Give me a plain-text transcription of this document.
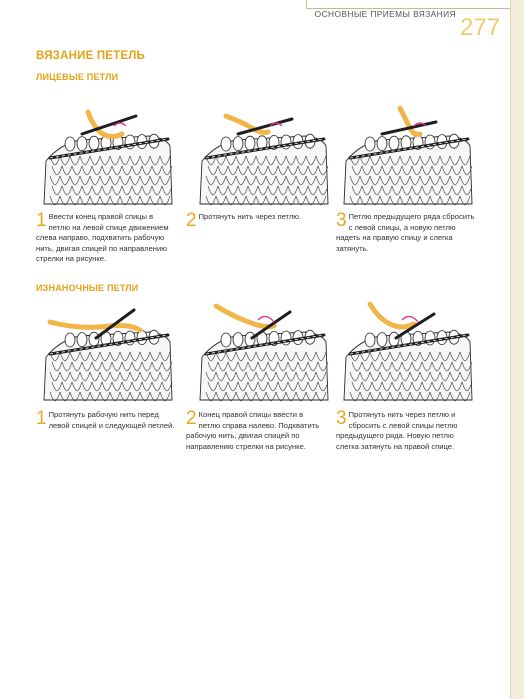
ОСНОВНЫЕ ПРИЕМЫ ВЯЗАНИЯ 277
ВЯЗАНИЕ ПЕТЕЛЬ
ЛИЦЕВЫЕ ПЕТЛИ
1 Ввести конец правой спицы в петлю на левой спице движением слева направо, подхватить рабочую нить, двигая спицей по направлению стрелки на рисунке.
2 Протянуть нить через петлю.	3 Петлю предыдущего ряда сбросить с левой спицы, а новую петлю надеть на правую спицу и слегка затянуть.
ИЗНАНОЧНЫЕ ПЕТЛИ
1 Протянуть рабочую нить перед левой спицей и следующей петлей. 2 Конец правой спицы ввести в петлю справа налево. Подхватить рабочую нить, двигая спицей по направлению стрелки на рисунке.
3 Протянуть нить через петлю и сбросить с левой спицы петлю предыдущего ряда. Новую петлю слегка затянуть на правой спице.
